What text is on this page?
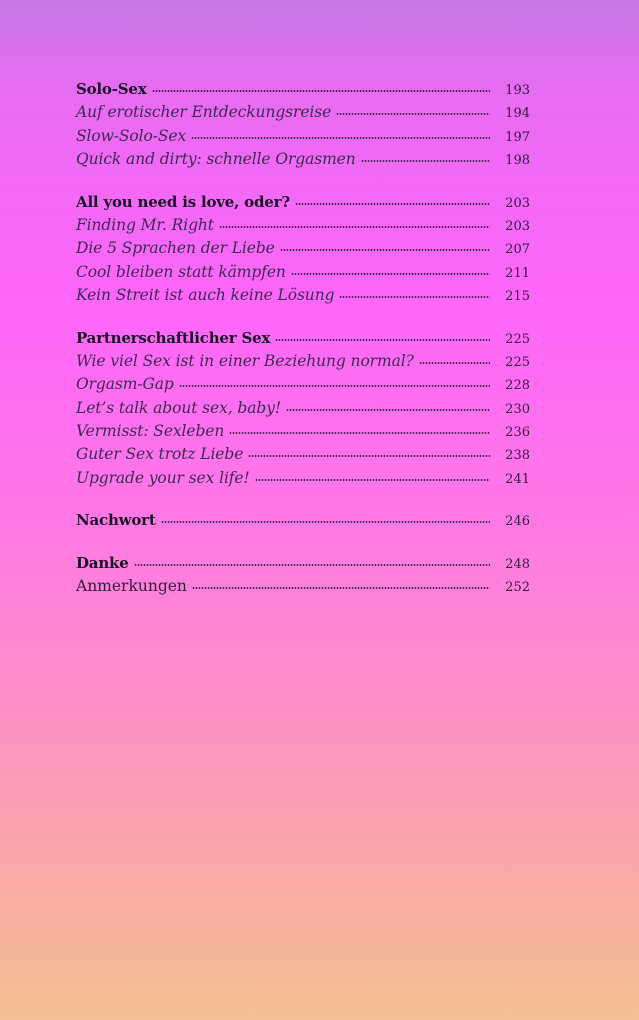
Solo-Sex	193
Auf erotischer Entdeckungsreise	194
Slow-Solo-Sex	197
Quick and dirty: schnelle Orgasmen	198
All you need is love, oder?	203
Finding Mr. Right	203
Die 5 Sprachen der Liebe	207
Cool bleiben statt kämpfen	211
Kein Streit ist auch keine Lösung	215
Partnerschaftlicher Sex	225
Wie viel Sex ist in einer Beziehung normal?	225
Orgasm-Gap	228
Let’s talk about sex, baby!	230
Vermisst: Sexleben	236
Guter Sex trotz Liebe	238
Upgrade your sex life!	241
Nachwort	246
Danke	248
Anmerkungen	252
